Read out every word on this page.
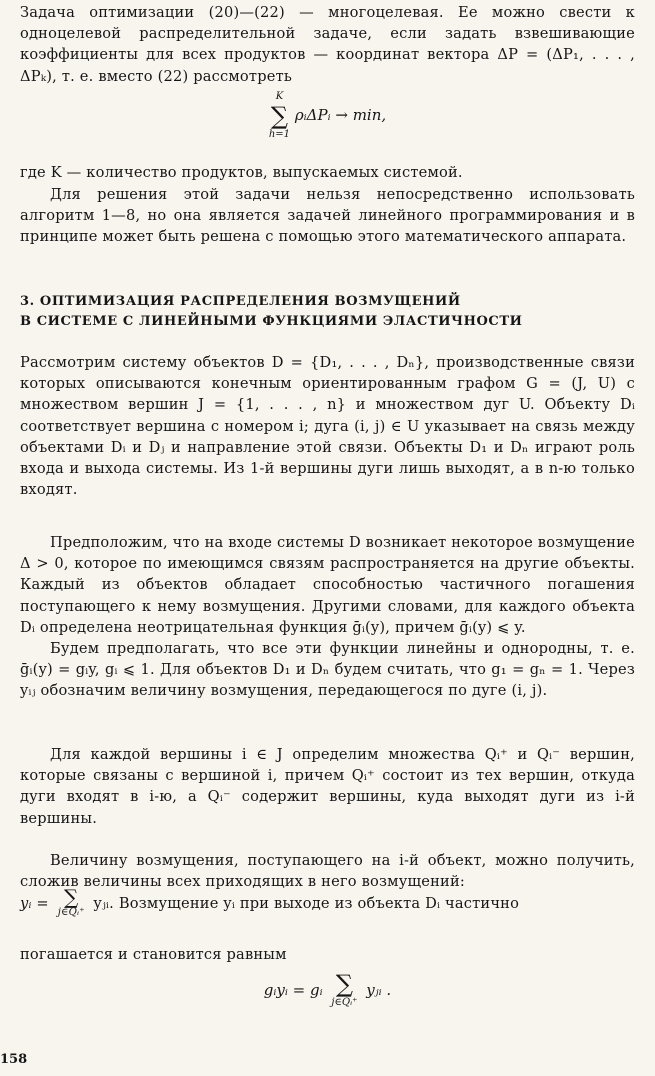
Задача оптимизации (20)—(22) — многоцелевая. Ее можно свести к одноцелевой распределительной задаче, если задать взвешивающие коэффициенты для всех продуктов — координат вектора ΔP = (ΔP₁, . . . , ΔPₖ), т. е. вместо (22) рассмотреть

K
∑
h=1
ρᵢΔPᵢ → min,

где K — количество продуктов, выпускаемых системой.

Для решения этой задачи нельзя непосредственно использовать алгоритм 1—8, но она является задачей линейного программирования и в принципе может быть решена с помощью этого математического аппарата.

3. ОПТИМИЗАЦИЯ РАСПРЕДЕЛЕНИЯ ВОЗМУЩЕНИЙ

В СИСТЕМЕ С ЛИНЕЙНЫМИ ФУНКЦИЯМИ ЭЛАСТИЧНОСТИ

Рассмотрим систему объектов D = {D₁, . . . , Dₙ}, производственные связи которых описываются конечным ориентированным графом G = (J, U) с множеством вершин J = {1, . . . , n} и множеством дуг U. Объекту Dᵢ соответствует вершина с номером i; дуга (i, j) ∈ U указывает на связь между объектами Dᵢ и Dⱼ и направление этой связи. Объекты D₁ и Dₙ играют роль входа и выхода системы. Из 1-й вершины дуги лишь выходят, а в n-ю только входят.

Предположим, что на входе системы D возникает некоторое возмущение Δ > 0, которое по имеющимся связям распространяется на другие объекты. Каждый из объектов обладает способностью частичного погашения поступающего к нему возмущения. Другими словами, для каждого объекта Dᵢ определена неотрицательная функция ḡᵢ(y), причем ḡᵢ(y) ⩽ y.

Будем предполагать, что все эти функции линейны и однородны, т. е. ḡᵢ(y) = gᵢy, gᵢ ⩽ 1. Для объектов D₁ и Dₙ будем считать, что g₁ = gₙ = 1. Через yᵢⱼ обозначим величину возмущения, передающегося по дуге (i, j).

Для каждой вершины i ∈ J определим множества Qᵢ⁺ и Qᵢ⁻ вершин, которые связаны с вершиной i, причем Qᵢ⁺ состоит из тех вершин, откуда дуги входят в i-ю, а Qᵢ⁻ содержит вершины, куда выходят дуги из i-й вершины.

Величину возмущения, поступающего на i-й объект, можно получить, сложив величины всех приходящих в него возмущений:

yᵢ = ∑
j∈Qᵢ⁺
yⱼᵢ. Возмущение yᵢ при выходе из объекта Dᵢ частично

погашается и становится равным

gᵢyᵢ = gᵢ ∑
j∈Qᵢ⁺
yⱼᵢ .
158
